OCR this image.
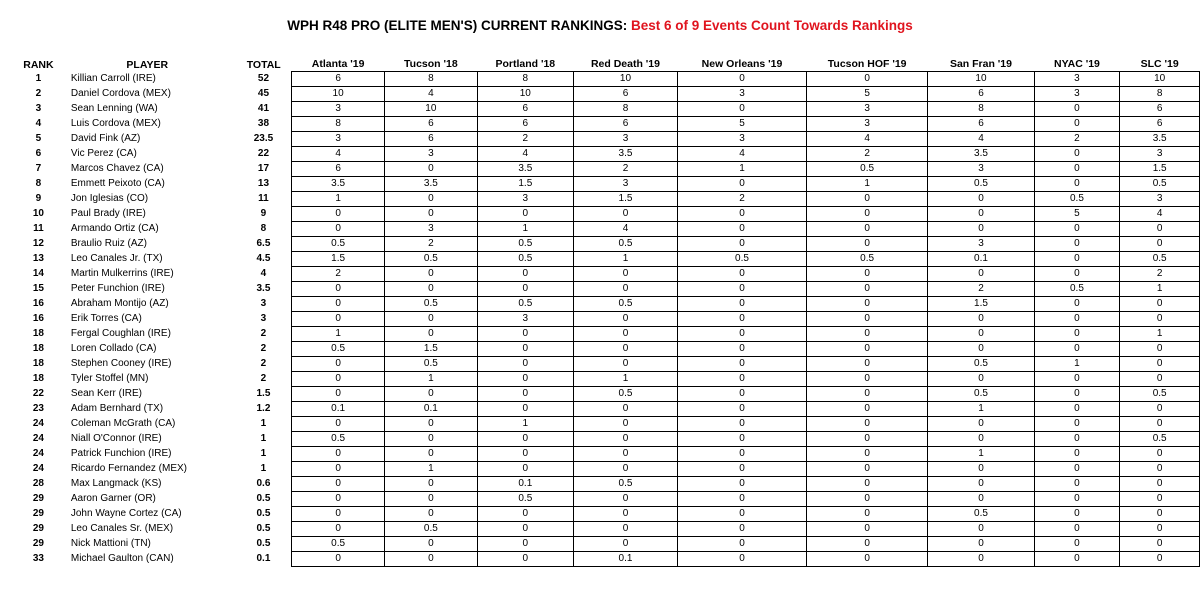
WPH R48 PRO (ELITE MEN'S) CURRENT RANKINGS: Best 6 of 9 Events Count Towards Rankings
RANK	PLAYER	TOTAL	Atlanta '19	Tucson '18	Portland '18	Red Death '19	New Orleans '19	Tucson HOF '19	San Fran '19	NYAC '19	SLC '19
1	Killian Carroll (IRE)	52	6	8	8	10	0	0	10	3	10
2	Daniel Cordova (MEX)	45	10	4	10	6	3	5	6	3	8
3	Sean Lenning (WA)	41	3	10	6	8	0	3	8	0	6
4	Luis Cordova (MEX)	38	8	6	6	6	5	3	6	0	6
5	David Fink (AZ)	23.5	3	6	2	3	3	4	4	2	3.5
6	Vic Perez (CA)	22	4	3	4	3.5	4	2	3.5	0	3
7	Marcos Chavez (CA)	17	6	0	3.5	2	1	0.5	3	0	1.5
8	Emmett Peixoto (CA)	13	3.5	3.5	1.5	3	0	1	0.5	0	0.5
9	Jon Iglesias (CO)	11	1	0	3	1.5	2	0	0	0.5	3
10	Paul Brady (IRE)	9	0	0	0	0	0	0	0	5	4
11	Armando Ortiz (CA)	8	0	3	1	4	0	0	0	0	0
12	Braulio Ruiz (AZ)	6.5	0.5	2	0.5	0.5	0	0	3	0	0
13	Leo Canales Jr. (TX)	4.5	1.5	0.5	0.5	1	0.5	0.5	0.1	0	0.5
14	Martin Mulkerrins (IRE)	4	2	0	0	0	0	0	0	0	2
15	Peter Funchion (IRE)	3.5	0	0	0	0	0	0	2	0.5	1
16	Abraham Montijo (AZ)	3	0	0.5	0.5	0.5	0	0	1.5	0	0
16	Erik Torres (CA)	3	0	0	3	0	0	0	0	0	0
18	Fergal Coughlan (IRE)	2	1	0	0	0	0	0	0	0	1
18	Loren Collado (CA)	2	0.5	1.5	0	0	0	0	0	0	0
18	Stephen Cooney (IRE)	2	0	0.5	0	0	0	0	0.5	1	0
18	Tyler Stoffel (MN)	2	0	1	0	1	0	0	0	0	0
22	Sean Kerr (IRE)	1.5	0	0	0	0.5	0	0	0.5	0	0.5
23	Adam Bernhard (TX)	1.2	0.1	0.1	0	0	0	0	1	0	0
24	Coleman McGrath (CA)	1	0	0	1	0	0	0	0	0	0
24	Niall O'Connor (IRE)	1	0.5	0	0	0	0	0	0	0	0.5
24	Patrick Funchion (IRE)	1	0	0	0	0	0	0	1	0	0
24	Ricardo Fernandez (MEX)	1	0	1	0	0	0	0	0	0	0
28	Max Langmack (KS)	0.6	0	0	0.1	0.5	0	0	0	0	0
29	Aaron Garner (OR)	0.5	0	0	0.5	0	0	0	0	0	0
29	John Wayne Cortez (CA)	0.5	0	0	0	0	0	0	0.5	0	0
29	Leo Canales Sr. (MEX)	0.5	0	0.5	0	0	0	0	0	0	0
29	Nick Mattioni (TN)	0.5	0.5	0	0	0	0	0	0	0	0
33	Michael Gaulton (CAN)	0.1	0	0	0	0.1	0	0	0	0	0
